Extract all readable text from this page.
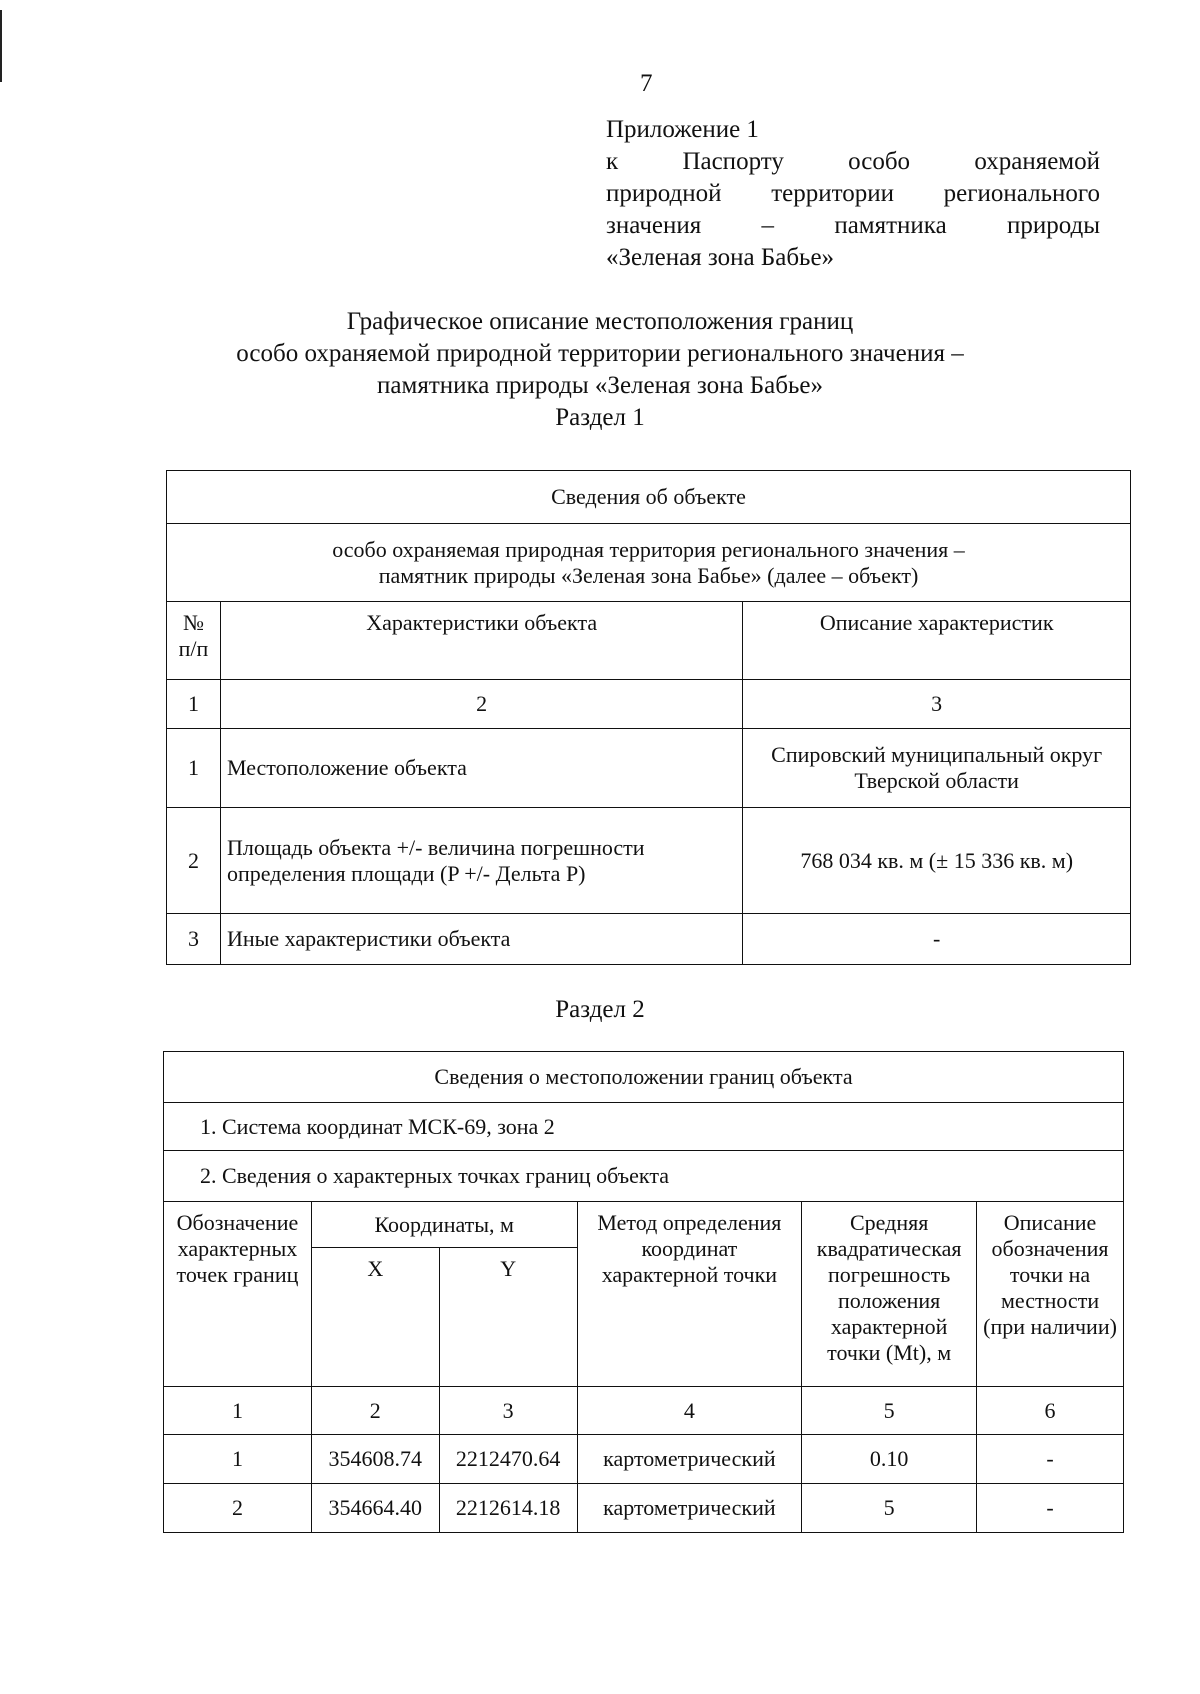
7
Приложение 1
к Паспорту особо охраняемой
природной территории регионального
значения – памятника природы
«Зеленая зона Бабье»
Графическое описание местоположения границ
особо охраняемой природной территории регионального значения –
памятника природы «Зеленая зона Бабье»
Раздел 1
Сведения об объекте		

особо охраняемая природная территория регионального значения –
памятник природы «Зеленая зона Бабье» (далее – объект)		

№ п/п	Характеристики объекта	Описание характеристик
1	2	3
1	Местоположение объекта	Спировский муниципальный округ Тверской области
2	Площадь объекта +/- величина погрешности определения площади (P +/- Дельта P)	768 034 кв. м (± 15 336 кв. м)
3	Иные характеристики объекта	-
Раздел 2
Сведения о местоположении границ объекта					
1. Система координат МСК-69, зона 2					
2. Сведения о характерных точках границ объекта					
Обозначение характерных точек границ	Координаты, м		Метод определения координат характерной точки	Средняя квадратическая погрешность положения характерной точки (Mt), м	Описание обозначения точки на местности (при наличии)
	X	Y			
1	2	3	4	5	6
1	354608.74	2212470.64	картометрический	0.10	-
2	354664.40	2212614.18	картометрический	5	-
